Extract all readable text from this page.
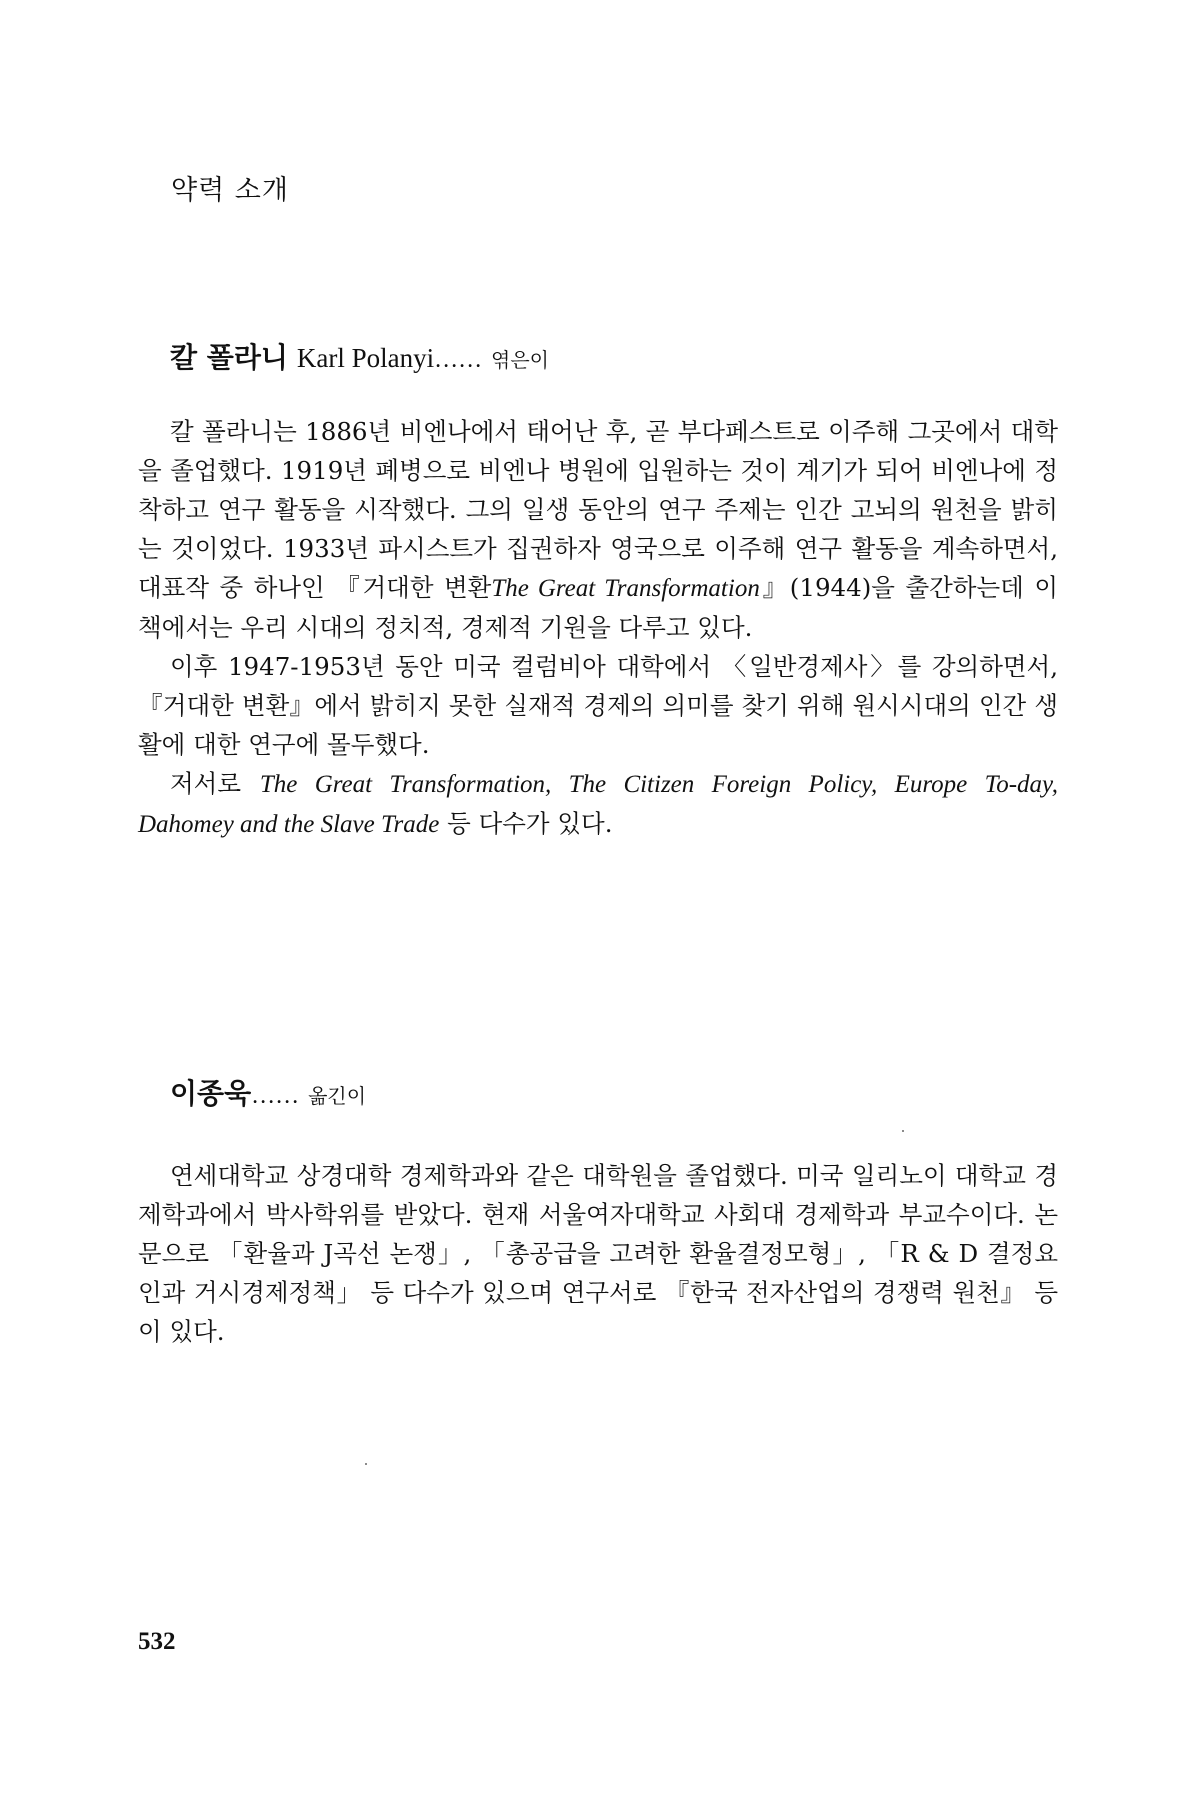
약력 소개
칼 폴라니 Karl Polanyi…… 엮은이

칼 폴라니는 1886년 비엔나에서 태어난 후, 곧 부다페스트로 이주해 그곳에서 대학을 졸업했다. 1919년 폐병으로 비엔나 병원에 입원하는 것이 계기가 되어 비엔나에 정착하고 연구 활동을 시작했다. 그의 일생 동안의 연구 주제는 인간 고뇌의 원천을 밝히는 것이었다. 1933년 파시스트가 집권하자 영국으로 이주해 연구 활동을 계속하면서, 대표작 중 하나인 『거대한 변환The Great Transformation』(1944)을 출간하는데 이 책에서는 우리 시대의 정치적, 경제적 기원을 다루고 있다.

이후 1947-1953년 동안 미국 컬럼비아 대학에서 〈일반경제사〉를 강의하면서, 『거대한 변환』에서 밝히지 못한 실재적 경제의 의미를 찾기 위해 원시시대의 인간 생활에 대한 연구에 몰두했다.

저서로 The Great Transformation, The Citizen Foreign Policy, Europe To-day, Dahomey and the Slave Trade 등 다수가 있다.

이종욱…… 옮긴이

연세대학교 상경대학 경제학과와 같은 대학원을 졸업했다. 미국 일리노이 대학교 경제학과에서 박사학위를 받았다. 현재 서울여자대학교 사회대 경제학과 부교수이다. 논문으로 「환율과 J곡선 논쟁」, 「총공급을 고려한 환율결정모형」, 「R & D 결정요인과 거시경제정책」 등 다수가 있으며 연구서로 『한국 전자산업의 경쟁력 원천』 등이 있다.

532
